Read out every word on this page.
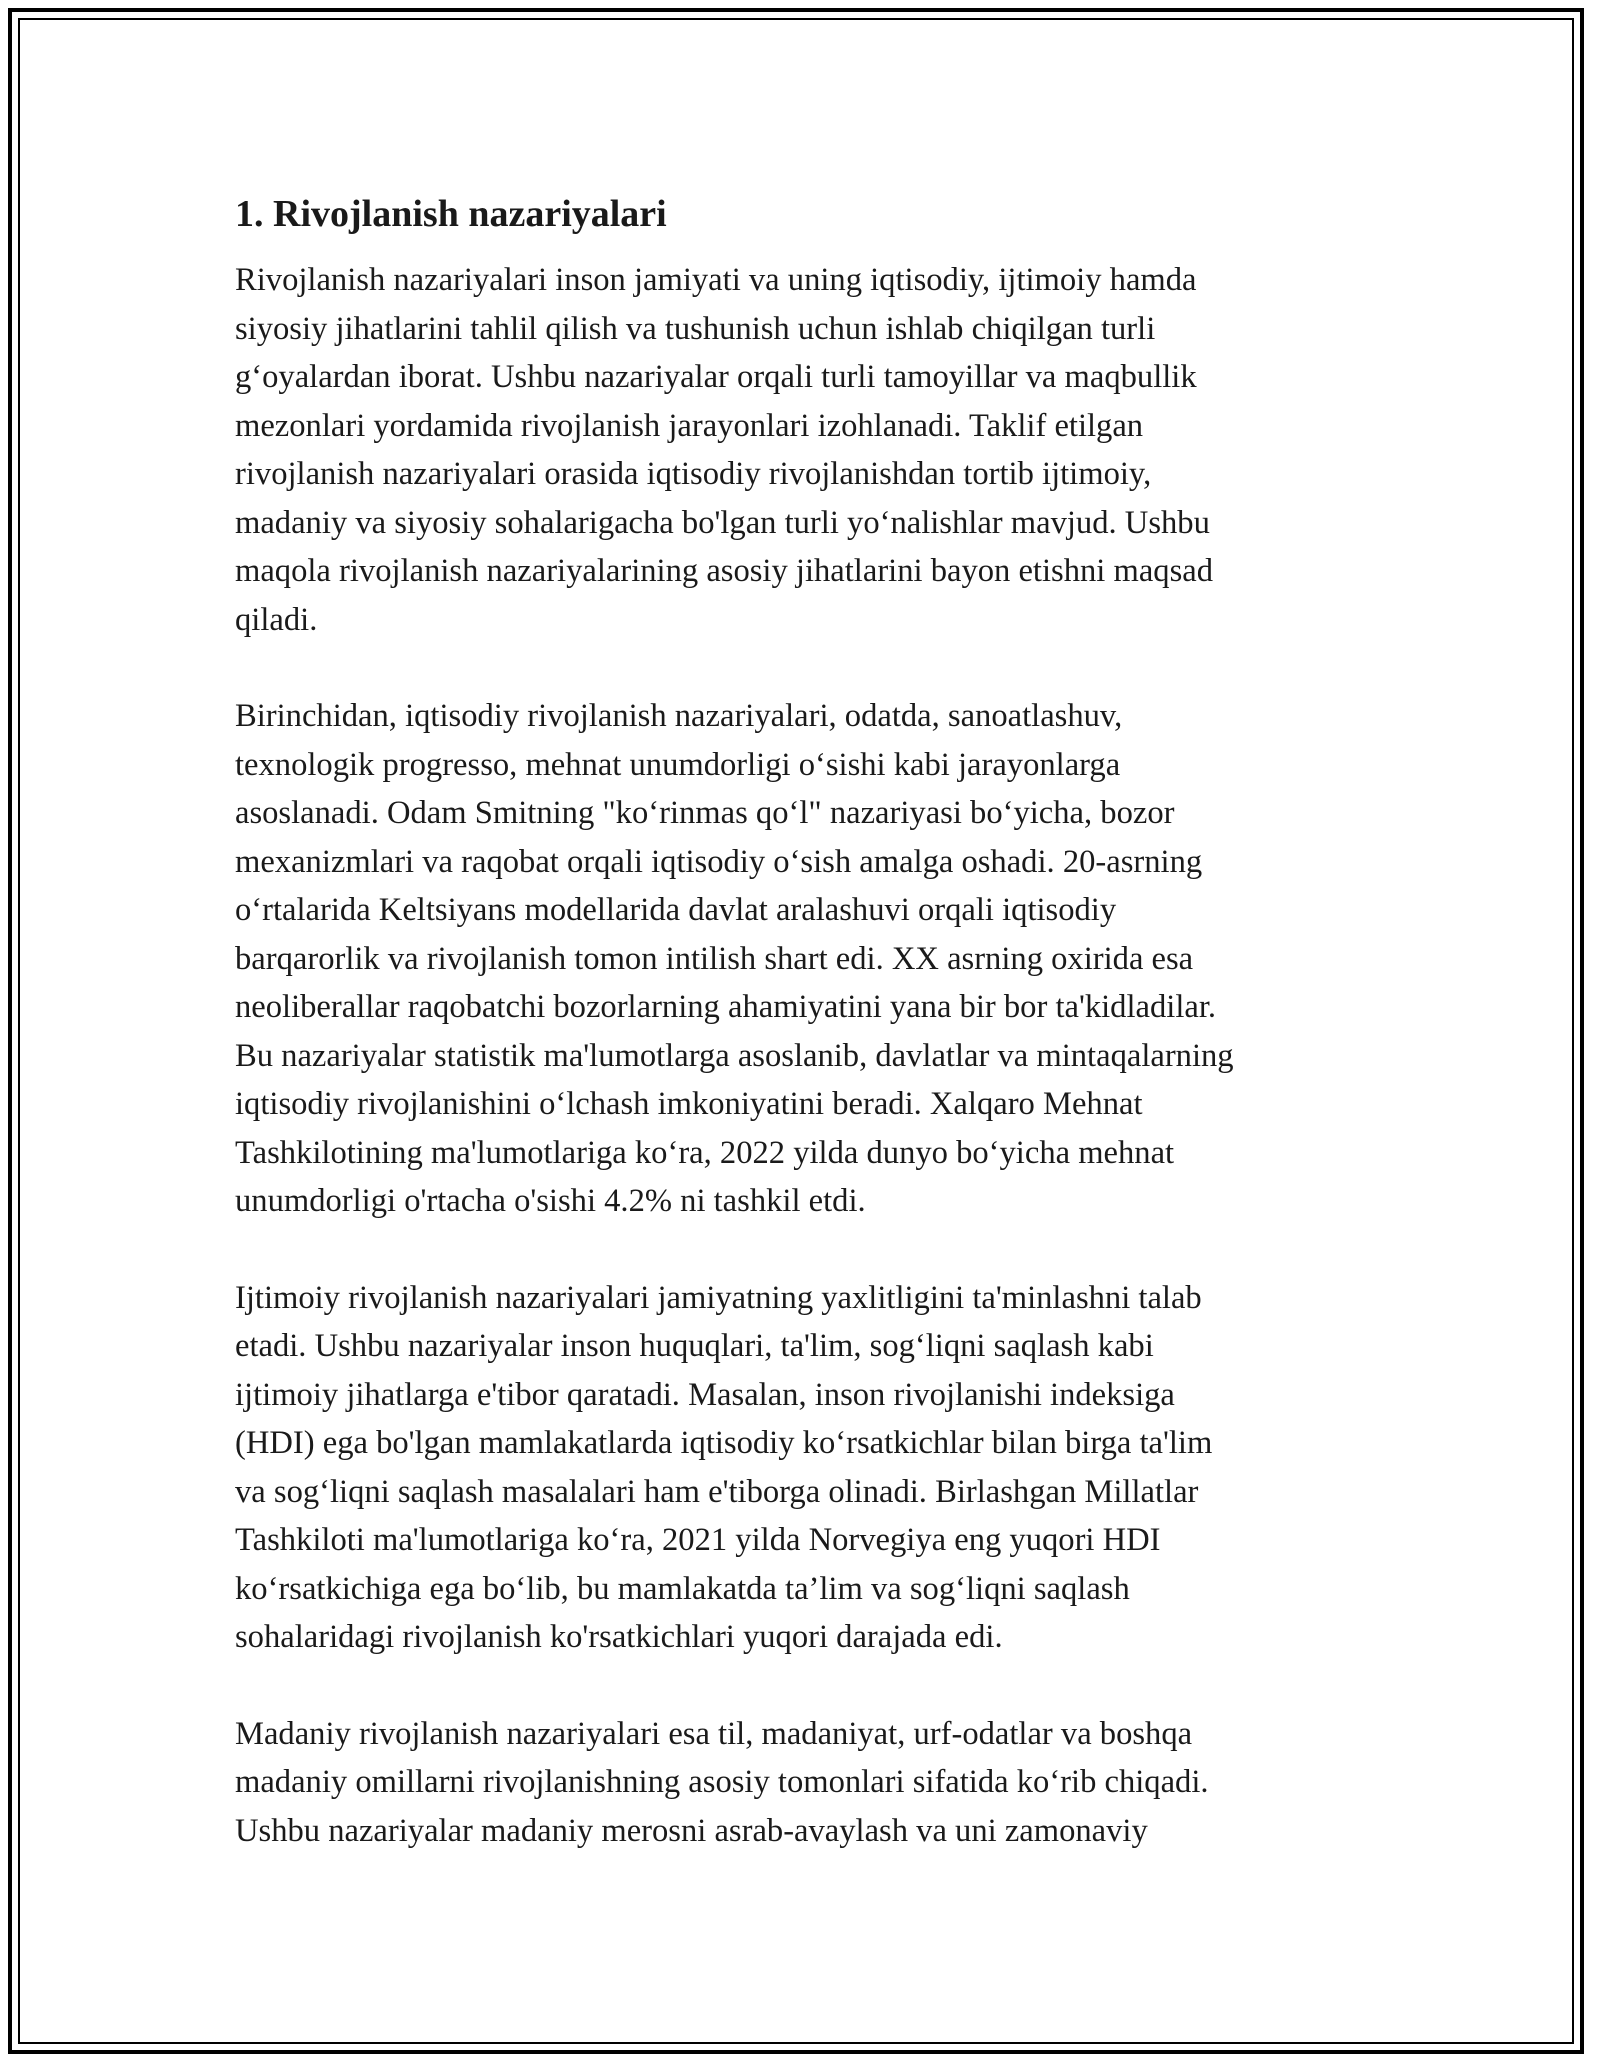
1. Rivojlanish nazariyalari

Rivojlanish nazariyalari inson jamiyati va uning iqtisodiy, ijtimoiy hamda
siyosiy jihatlarini tahlil qilish va tushunish uchun ishlab chiqilgan turli
g‘oyalardan iborat. Ushbu nazariyalar orqali turli tamoyillar va maqbullik
mezonlari yordamida rivojlanish jarayonlari izohlanadi. Taklif etilgan
rivojlanish nazariyalari orasida iqtisodiy rivojlanishdan tortib ijtimoiy,
madaniy va siyosiy sohalarigacha bo'lgan turli yo‘nalishlar mavjud. Ushbu
maqola rivojlanish nazariyalarining asosiy jihatlarini bayon etishni maqsad
qiladi.

Birinchidan, iqtisodiy rivojlanish nazariyalari, odatda, sanoatlashuv,
texnologik progresso, mehnat unumdorligi o‘sishi kabi jarayonlarga
asoslanadi. Odam Smitning "ko‘rinmas qo‘l" nazariyasi bo‘yicha, bozor
mexanizmlari va raqobat orqali iqtisodiy o‘sish amalga oshadi. 20-asrning
o‘rtalarida Keltsiyans modellarida davlat aralashuvi orqali iqtisodiy
barqarorlik va rivojlanish tomon intilish shart edi. XX asrning oxirida esa
neoliberallar raqobatchi bozorlarning ahamiyatini yana bir bor ta'kidladilar.
Bu nazariyalar statistik ma'lumotlarga asoslanib, davlatlar va mintaqalarning
iqtisodiy rivojlanishini o‘lchash imkoniyatini beradi. Xalqaro Mehnat
Tashkilotining ma'lumotlariga ko‘ra, 2022 yilda dunyo bo‘yicha mehnat
unumdorligi o'rtacha o'sishi 4.2% ni tashkil etdi.

Ijtimoiy rivojlanish nazariyalari jamiyatning yaxlitligini ta'minlashni talab
etadi. Ushbu nazariyalar inson huquqlari, ta'lim, sog‘liqni saqlash kabi
ijtimoiy jihatlarga e'tibor qaratadi. Masalan, inson rivojlanishi indeksiga
(HDI) ega bo'lgan mamlakatlarda iqtisodiy ko‘rsatkichlar bilan birga ta'lim
va sog‘liqni saqlash masalalari ham e'tiborga olinadi. Birlashgan Millatlar
Tashkiloti ma'lumotlariga ko‘ra, 2021 yilda Norvegiya eng yuqori HDI
ko‘rsatkichiga ega bo‘lib, bu mamlakatda ta’lim va sog‘liqni saqlash
sohalaridagi rivojlanish ko'rsatkichlari yuqori darajada edi.

Madaniy rivojlanish nazariyalari esa til, madaniyat, urf-odatlar va boshqa
madaniy omillarni rivojlanishning asosiy tomonlari sifatida ko‘rib chiqadi.
Ushbu nazariyalar madaniy merosni asrab-avaylash va uni zamonaviy
